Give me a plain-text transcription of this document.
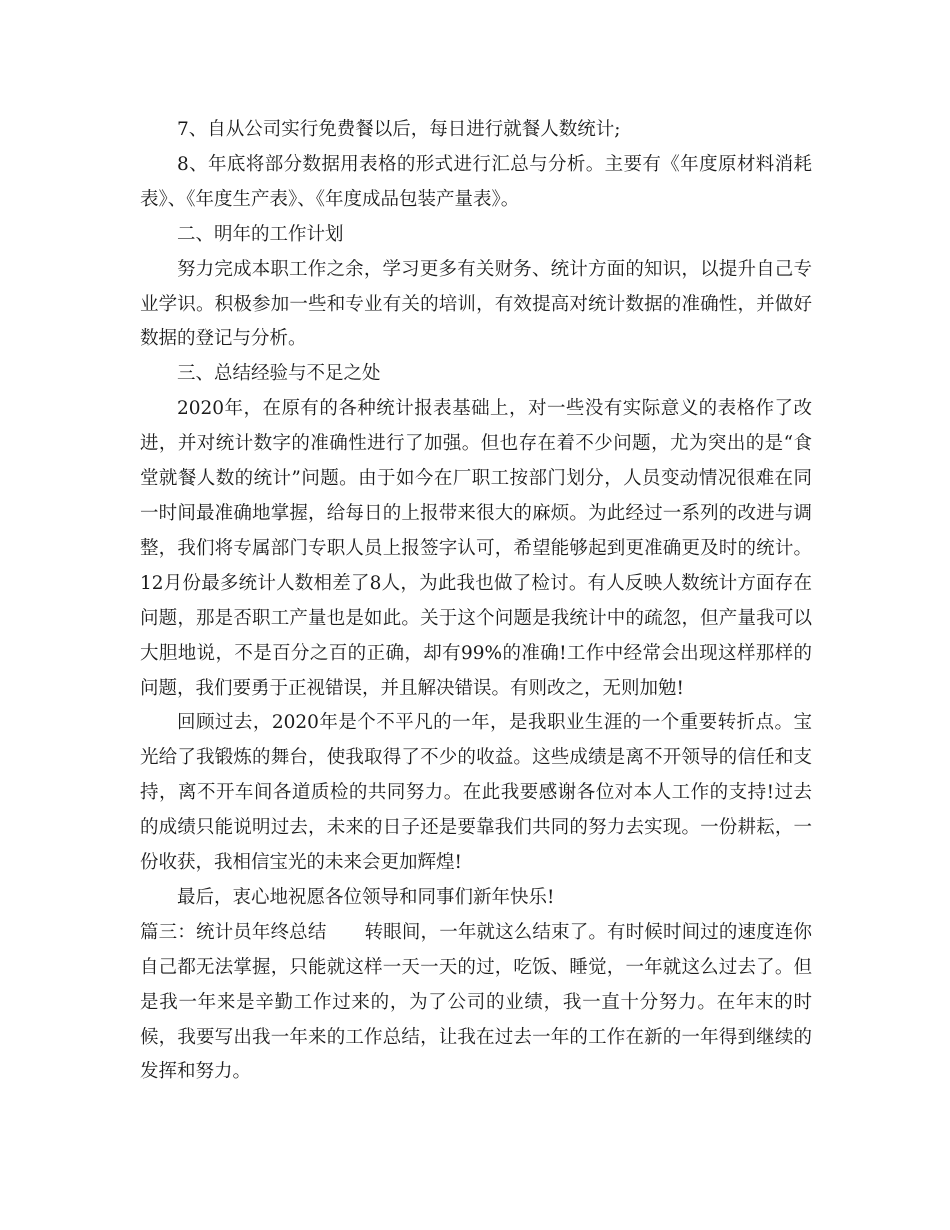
7、自从公司实行免费餐以后，每日进行就餐人数统计;

8、年底将部分数据用表格的形式进行汇总与分析。主要有《年度原材料消耗表》、《年度生产表》、《年度成品包装产量表》。

二、明年的工作计划

努力完成本职工作之余，学习更多有关财务、统计方面的知识，以提升自己专业学识。积极参加一些和专业有关的培训，有效提高对统计数据的准确性，并做好数据的登记与分析。

三、总结经验与不足之处

2020年，在原有的各种统计报表基础上，对一些没有实际意义的表格作了改进，并对统计数字的准确性进行了加强。但也存在着不少问题，尤为突出的是“食堂就餐人数的统计”问题。由于如今在厂职工按部门划分，人员变动情况很难在同一时间最准确地掌握，给每日的上报带来很大的麻烦。为此经过一系列的改进与调整，我们将专属部门专职人员上报签字认可，希望能够起到更准确更及时的统计。12月份最多统计人数相差了8人，为此我也做了检讨。有人反映人数统计方面存在问题，那是否职工产量也是如此。关于这个问题是我统计中的疏忽，但产量我可以大胆地说，不是百分之百的正确，却有99%的准确!工作中经常会出现这样那样的问题，我们要勇于正视错误，并且解决错误。有则改之，无则加勉!

回顾过去，2020年是个不平凡的一年，是我职业生涯的一个重要转折点。宝光给了我锻炼的舞台，使我取得了不少的收益。这些成绩是离不开领导的信任和支持，离不开车间各道质检的共同努力。在此我要感谢各位对本人工作的支持!过去的成绩只能说明过去，未来的日子还是要靠我们共同的努力去实现。一份耕耘，一份收获，我相信宝光的未来会更加辉煌!

最后，衷心地祝愿各位领导和同事们新年快乐!

篇三：统计员年终总结 转眼间，一年就这么结束了。有时候时间过的速度连你自己都无法掌握，只能就这样一天一天的过，吃饭、睡觉，一年就这么过去了。但是我一年来是辛勤工作过来的，为了公司的业绩，我一直十分努力。在年末的时候，我要写出我一年来的工作总结，让我在过去一年的工作在新的一年得到继续的发挥和努力。
